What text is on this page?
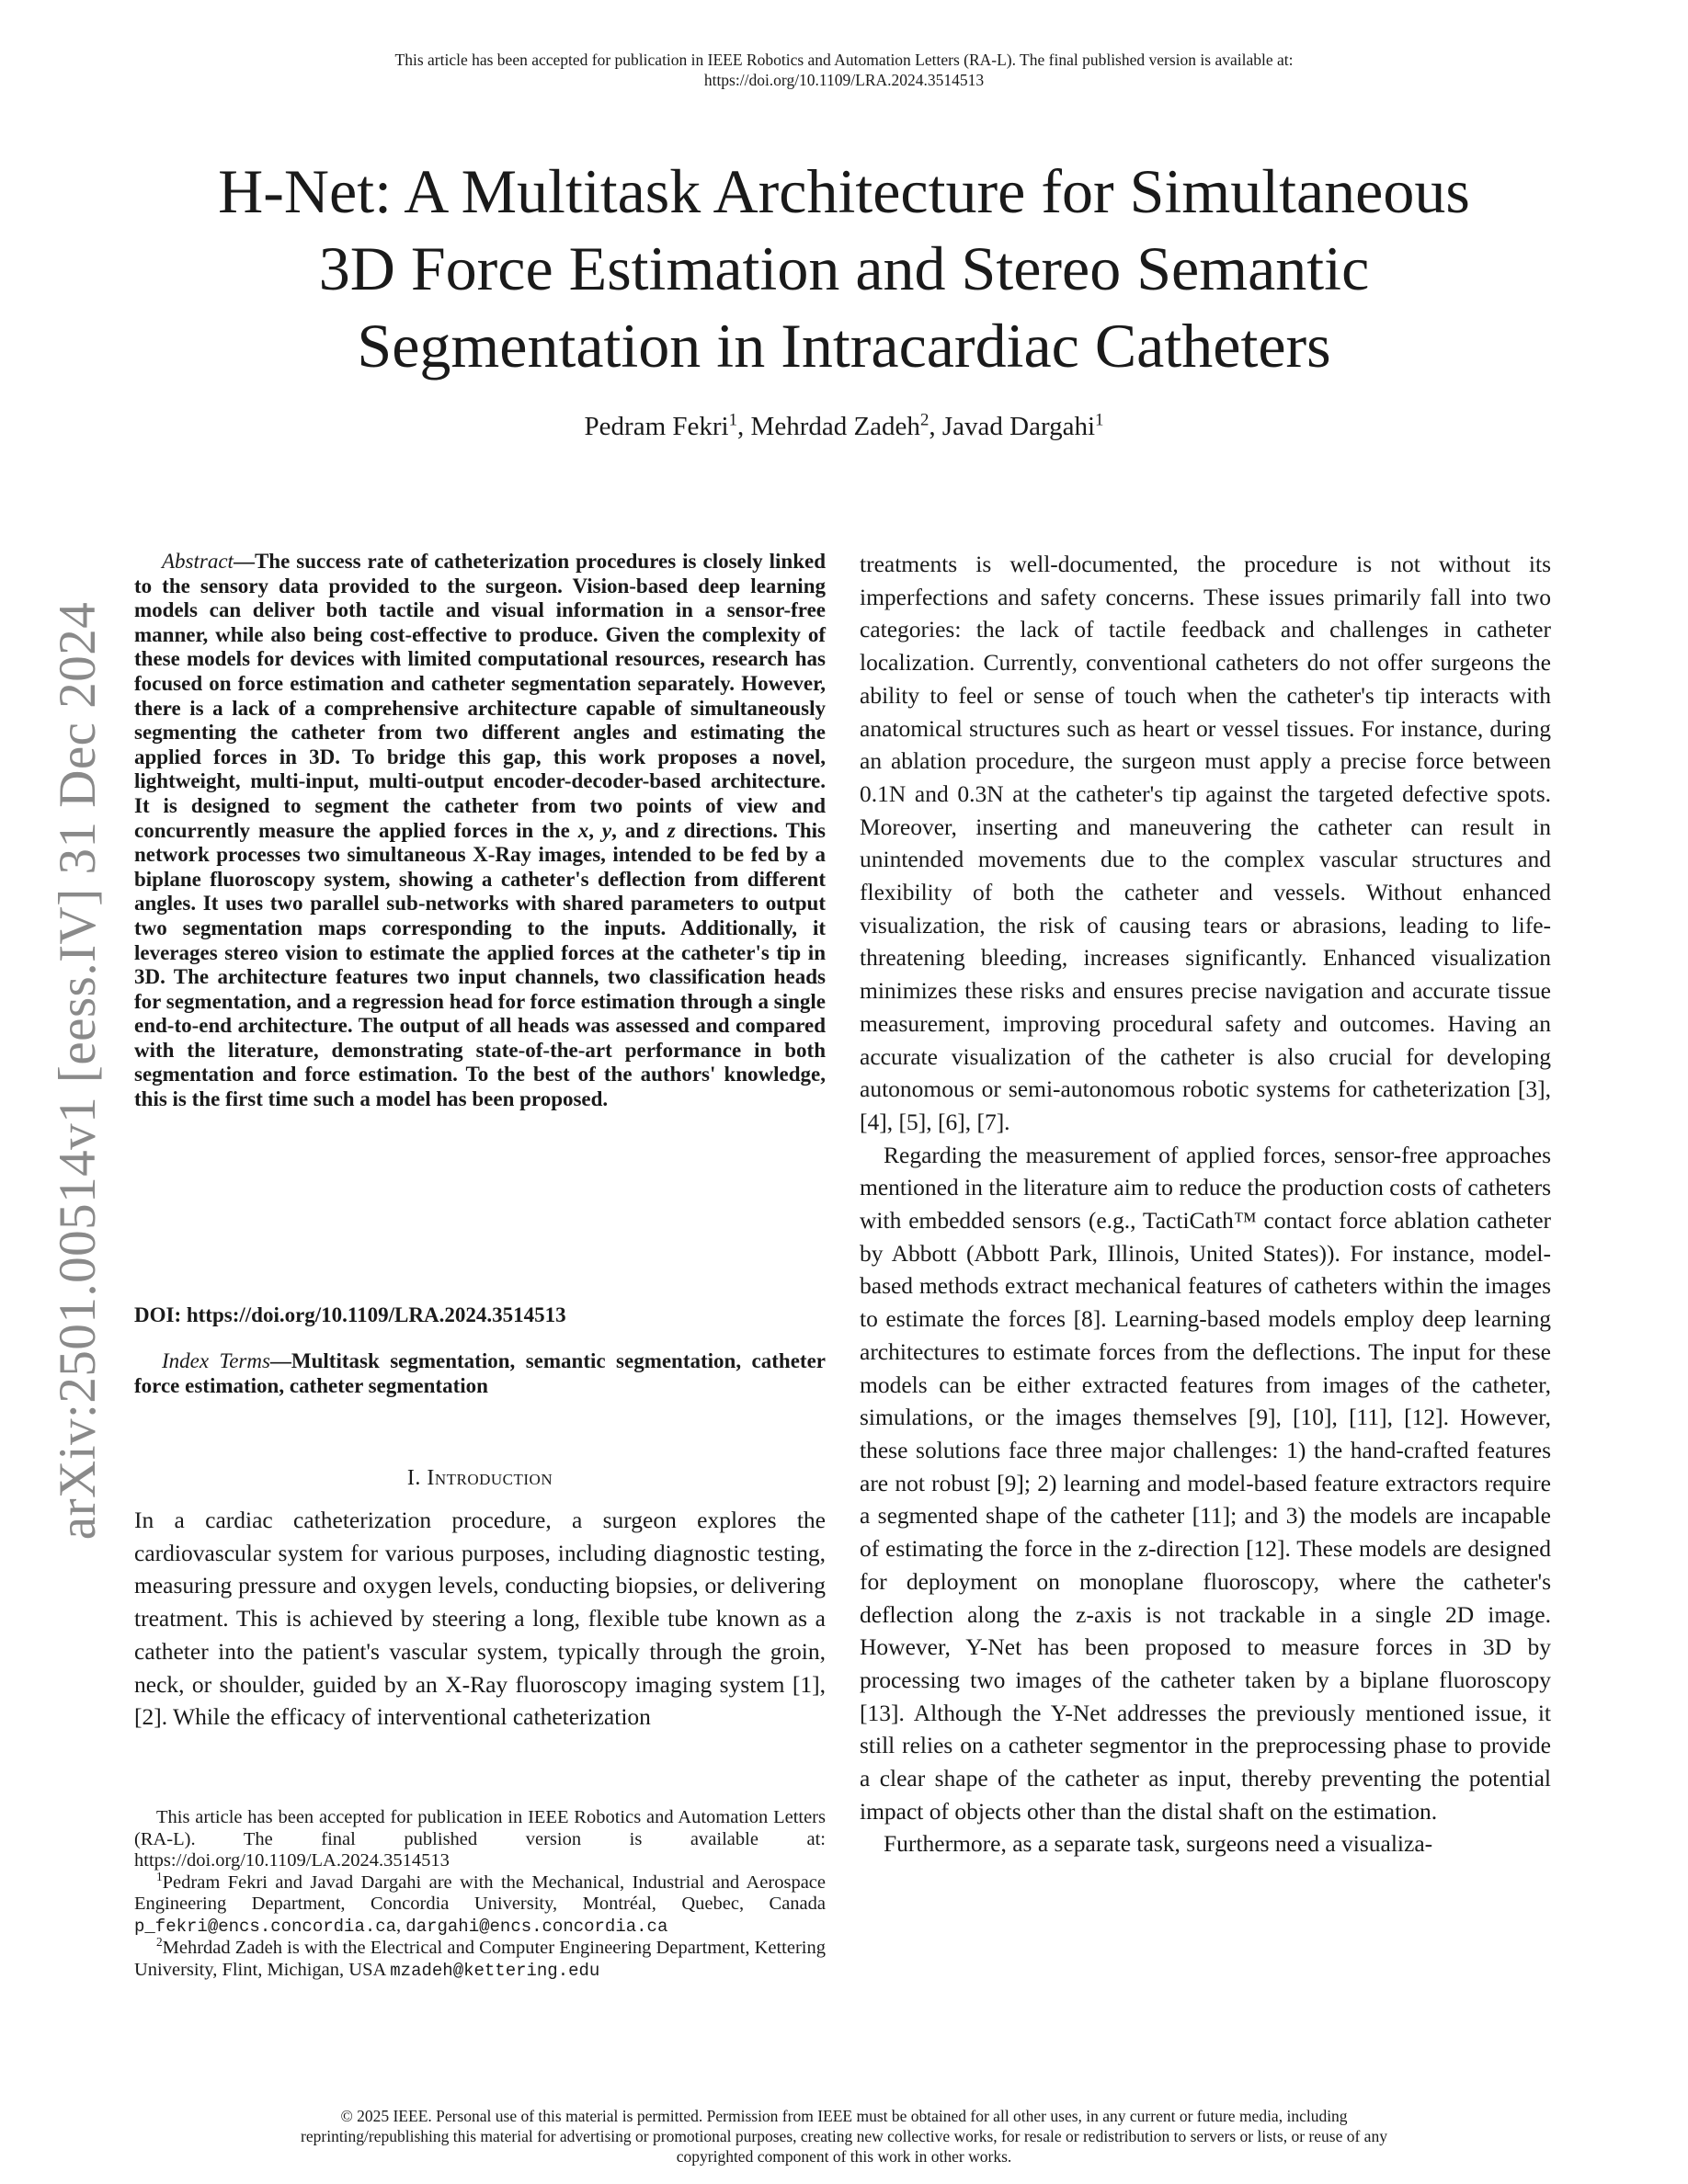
This article has been accepted for publication in IEEE Robotics and Automation Letters (RA-L). The final published version is available at:
https://doi.org/10.1109/LRA.2024.3514513
H-Net: A Multitask Architecture for Simultaneous
3D Force Estimation and Stereo Semantic
Segmentation in Intracardiac Catheters
Pedram Fekri$^1$, Mehrdad Zadeh$^2$, Javad Dargahi$^1$
arXiv:2501.00514v1 [eess.IV] 31 Dec 2024

Abstract—The success rate of catheterization procedures is closely linked to the sensory data provided to the surgeon. Vision-based deep learning models can deliver both tactile and visual information in a sensor-free manner, while also being cost-effective to produce. Given the complexity of these models for devices with limited computational resources, research has focused on force estimation and catheter segmentation separately. However, there is a lack of a comprehensive architecture capable of simultaneously segmenting the catheter from two different angles and estimating the applied forces in 3D. To bridge this gap, this work proposes a novel, lightweight, multi-input, multi-output encoder-decoder-based architecture. It is designed to segment the catheter from two points of view and concurrently measure the applied forces in the x, y, and z directions. This network processes two simultaneous X-Ray images, intended to be fed by a biplane fluoroscopy system, showing a catheter's deflection from different angles. It uses two parallel sub-networks with shared parameters to output two segmentation maps corresponding to the inputs. Additionally, it leverages stereo vision to estimate the applied forces at the catheter's tip in 3D. The architecture features two input channels, two classification heads for segmentation, and a regression head for force estimation through a single end-to-end architecture. The output of all heads was assessed and compared with the literature, demonstrating state-of-the-art performance in both segmentation and force estimation. To the best of the authors' knowledge, this is the first time such a model has been proposed.

DOI: https://doi.org/10.1109/LRA.2024.3514513

Index Terms—Multitask segmentation, semantic segmentation, catheter force estimation, catheter segmentation

I. Introduction

In a cardiac catheterization procedure, a surgeon explores the cardiovascular system for various purposes, including diagnostic testing, measuring pressure and oxygen levels, conducting biopsies, or delivering treatment. This is achieved by steering a long, flexible tube known as a catheter into the patient's vascular system, typically through the groin, neck, or shoulder, guided by an X-Ray fluoroscopy imaging system [1], [2]. While the efficacy of interventional catheterization

This article has been accepted for publication in IEEE Robotics and Automation Letters (RA-L). The final published version is available at: https://doi.org/10.1109/LA.2024.3514513

$^1$Pedram Fekri and Javad Dargahi are with the Mechanical, Industrial and Aerospace Engineering Department, Concordia University, Montréal, Quebec, Canada p_fekri@encs.concordia.ca, dargahi@encs.concordia.ca

$^2$Mehrdad Zadeh is with the Electrical and Computer Engineering Department, Kettering University, Flint, Michigan, USA mzadeh@kettering.edu

treatments is well-documented, the procedure is not without its imperfections and safety concerns. These issues primarily fall into two categories: the lack of tactile feedback and challenges in catheter localization. Currently, conventional catheters do not offer surgeons the ability to feel or sense of touch when the catheter's tip interacts with anatomical structures such as heart or vessel tissues. For instance, during an ablation procedure, the surgeon must apply a precise force between 0.1N and 0.3N at the catheter's tip against the targeted defective spots. Moreover, inserting and maneuvering the catheter can result in unintended movements due to the complex vascular structures and flexibility of both the catheter and vessels. Without enhanced visualization, the risk of causing tears or abrasions, leading to life-threatening bleeding, increases significantly. Enhanced visualization minimizes these risks and ensures precise navigation and accurate tissue measurement, improving procedural safety and outcomes. Having an accurate visualization of the catheter is also crucial for developing autonomous or semi-autonomous robotic systems for catheterization [3], [4], [5], [6], [7].

Regarding the measurement of applied forces, sensor-free approaches mentioned in the literature aim to reduce the production costs of catheters with embedded sensors (e.g., TactiCath™ contact force ablation catheter by Abbott (Abbott Park, Illinois, United States)). For instance, model-based methods extract mechanical features of catheters within the images to estimate the forces [8]. Learning-based models employ deep learning architectures to estimate forces from the deflections. The input for these models can be either extracted features from images of the catheter, simulations, or the images themselves [9], [10], [11], [12]. However, these solutions face three major challenges: 1) the hand-crafted features are not robust [9]; 2) learning and model-based feature extractors require a segmented shape of the catheter [11]; and 3) the models are incapable of estimating the force in the z-direction [12]. These models are designed for deployment on monoplane fluoroscopy, where the catheter's deflection along the z-axis is not trackable in a single 2D image. However, Y-Net has been proposed to measure forces in 3D by processing two images of the catheter taken by a biplane fluoroscopy [13]. Although the Y-Net addresses the previously mentioned issue, it still relies on a catheter segmentor in the preprocessing phase to provide a clear shape of the catheter as input, thereby preventing the potential impact of objects other than the distal shaft on the estimation.

Furthermore, as a separate task, surgeons need a visualiza-

© 2025 IEEE. Personal use of this material is permitted. Permission from IEEE must be obtained for all other uses, in any current or future media, including
reprinting/republishing this material for advertising or promotional purposes, creating new collective works, for resale or redistribution to servers or lists, or reuse of any
copyrighted component of this work in other works.
